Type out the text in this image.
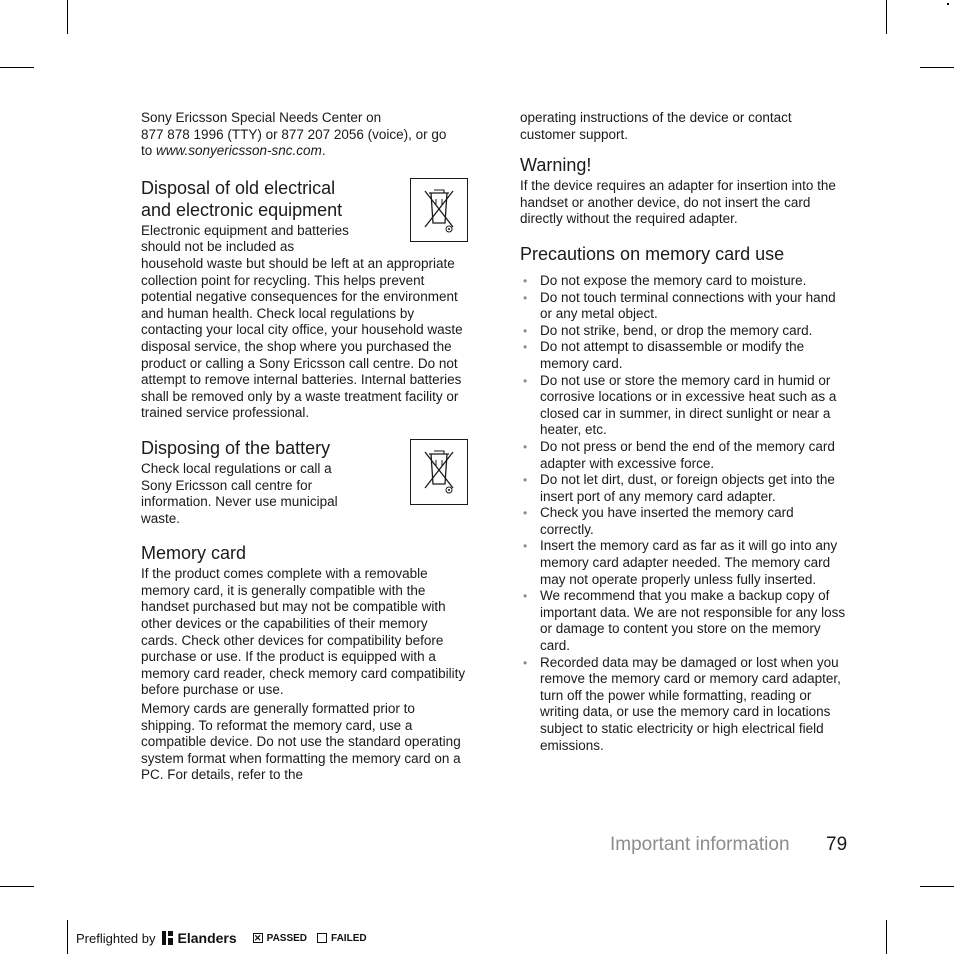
Sony Ericsson Special Needs Center on
877 878 1996 (TTY) or 877 207 2056 (voice), or go
to www.sonyericsson-snc.com.

Disposal of old electrical
and electronic equipment

Electronic equipment and batteries
should not be included as
household waste but should be left at an appropriate collection point for recycling. This helps prevent potential negative consequences for the environment and human health. Check local regulations by contacting your local city office, your household waste disposal service, the shop where you purchased the product or calling a Sony Ericsson call centre. Do not attempt to remove internal batteries. Internal batteries shall be removed only by a waste treatment facility or trained service professional.

Disposing of the battery

Check local regulations or call a Sony Ericsson call centre for information. Never use municipal waste.

Memory card

If the product comes complete with a removable memory card, it is generally compatible with the handset purchased but may not be compatible with other devices or the capabilities of their memory cards. Check other devices for compatibility before purchase or use. If the product is equipped with a memory card reader, check memory card compatibility before purchase or use.

Memory cards are generally formatted prior to shipping. To reformat the memory card, use a compatible device. Do not use the standard operating system format when formatting the memory card on a PC. For details, refer to the

operating instructions of the device or contact customer support.

Warning!

If the device requires an adapter for insertion into the handset or another device, do not insert the card directly without the required adapter.

Precautions on memory card use
• Do not expose the memory card to moisture.
• Do not touch terminal connections with your hand or any metal object.
• Do not strike, bend, or drop the memory card.
• Do not attempt to disassemble or modify the memory card.
• Do not use or store the memory card in humid or corrosive locations or in excessive heat such as a closed car in summer, in direct sunlight or near a heater, etc.
• Do not press or bend the end of the memory card adapter with excessive force.
• Do not let dirt, dust, or foreign objects get into the insert port of any memory card adapter.
• Check you have inserted the memory card correctly.
• Insert the memory card as far as it will go into any memory card adapter needed. The memory card may not operate properly unless fully inserted.
• We recommend that you make a backup copy of important data. We are not responsible for any loss or damage to content you store on the memory card.
• Recorded data may be damaged or lost when you remove the memory card or memory card adapter, turn off the power while formatting, reading or writing data, or use the memory card in locations subject to static electricity or high electrical field emissions.
Important information 79
Preflighted by Elanders ✕ PASSED FAILED
